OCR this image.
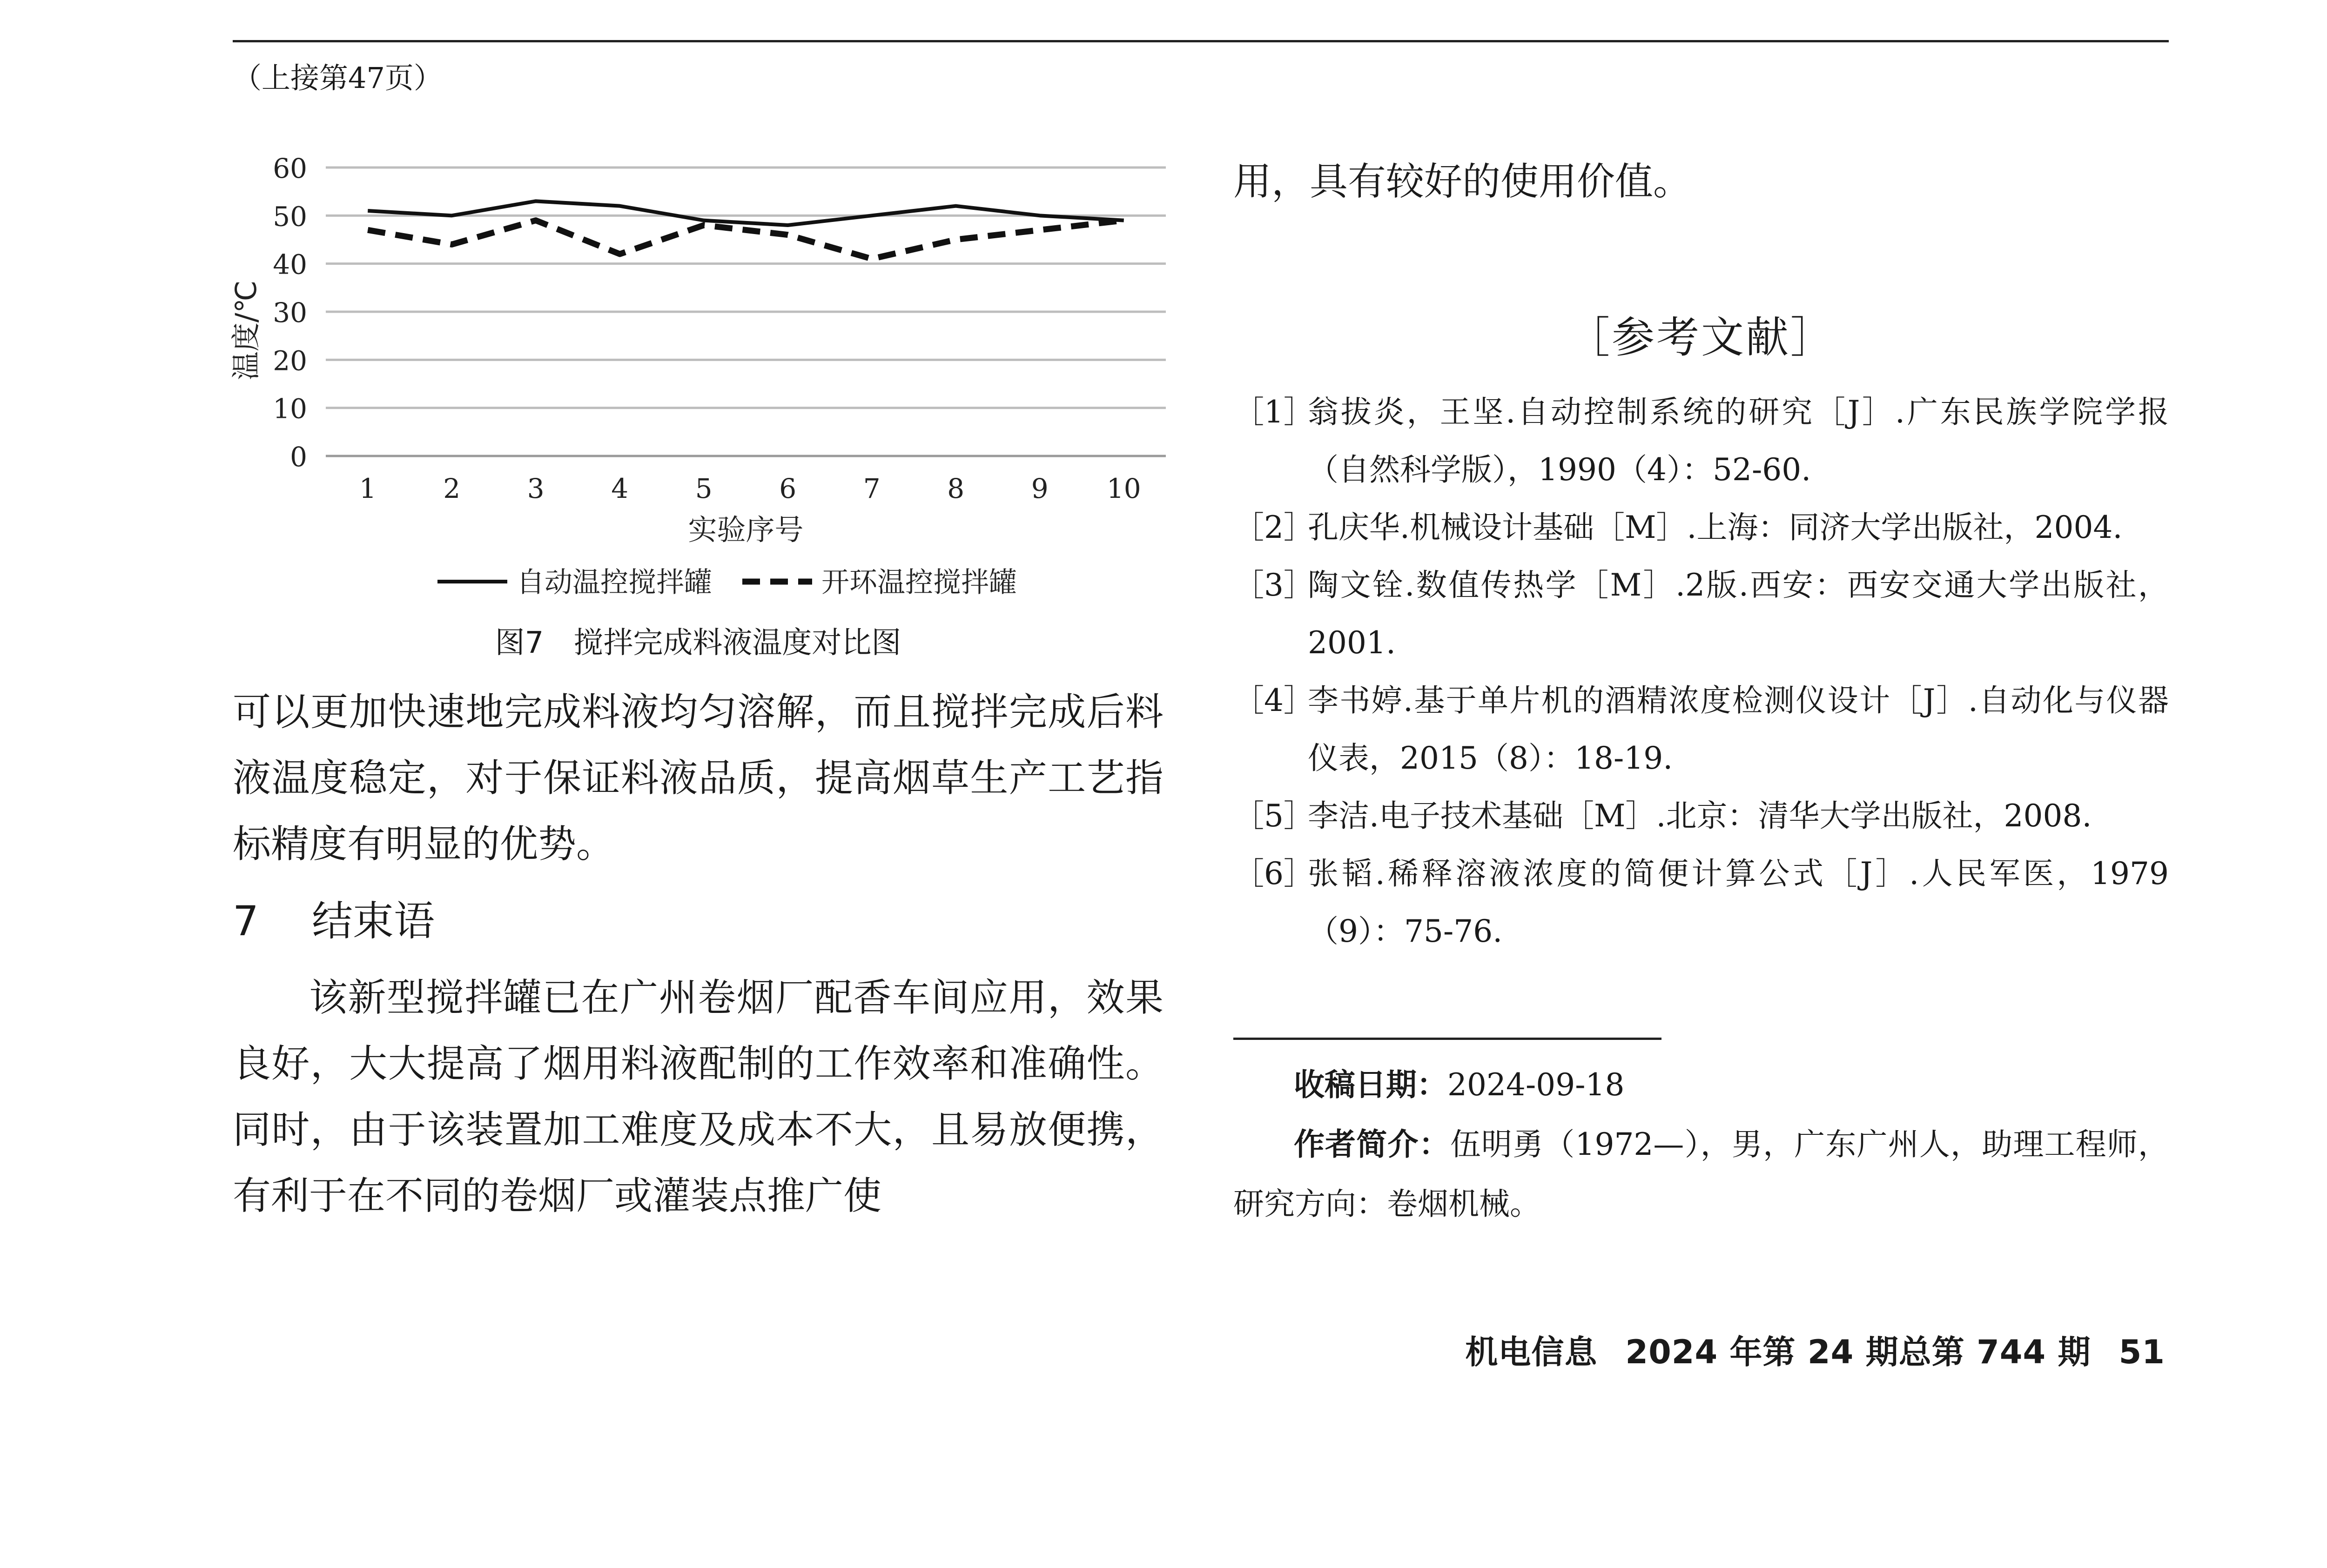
（上接第47页）
0
10
20
30
40
50
60
1 2 3 4 5 6 7 8 9 10
实验序号
温度/℃
自动温控搅拌罐	开环温控搅拌罐
图7　搅拌完成料液温度对比图

可以更加快速地完成料液均匀溶解，而且搅拌完成后料液温度稳定，对于保证料液品质，提高烟草生产工艺指标精度有明显的优势。

7 结束语

该新型搅拌罐已在广州卷烟厂配香车间应用，效果良好，大大提高了烟用料液配制的工作效率和准确性。同时，由于该装置加工难度及成本不大，且易放便携，有利于在不同的卷烟厂或灌装点推广使

用，具有较好的使用价值。

［参考文献］
［1］
翁拔炎，王坚.自动控制系统的研究［J］.广东民族学院学报（自然科学版），1990（4）：52-60.
［2］
孔庆华.机械设计基础［M］.上海：同济大学出版社，2004.
［3］
陶文铨.数值传热学［M］.2版.西安：西安交通大学出版社，2001.
［4］
李书婷.基于单片机的酒精浓度检测仪设计［J］.自动化与仪器仪表，2015（8）：18-19.
［5］
李洁.电子技术基础［M］.北京：清华大学出版社，2008.
［6］
张韬.稀释溶液浓度的简便计算公式［J］.人民军医，1979（9）：75-76.
收稿日期：2024-09-18
作者简介：伍明勇（1972—），男，广东广州人，助理工程师，研究方向：卷烟机械。
机电信息 2024 年第 24 期总第 744 期 51
